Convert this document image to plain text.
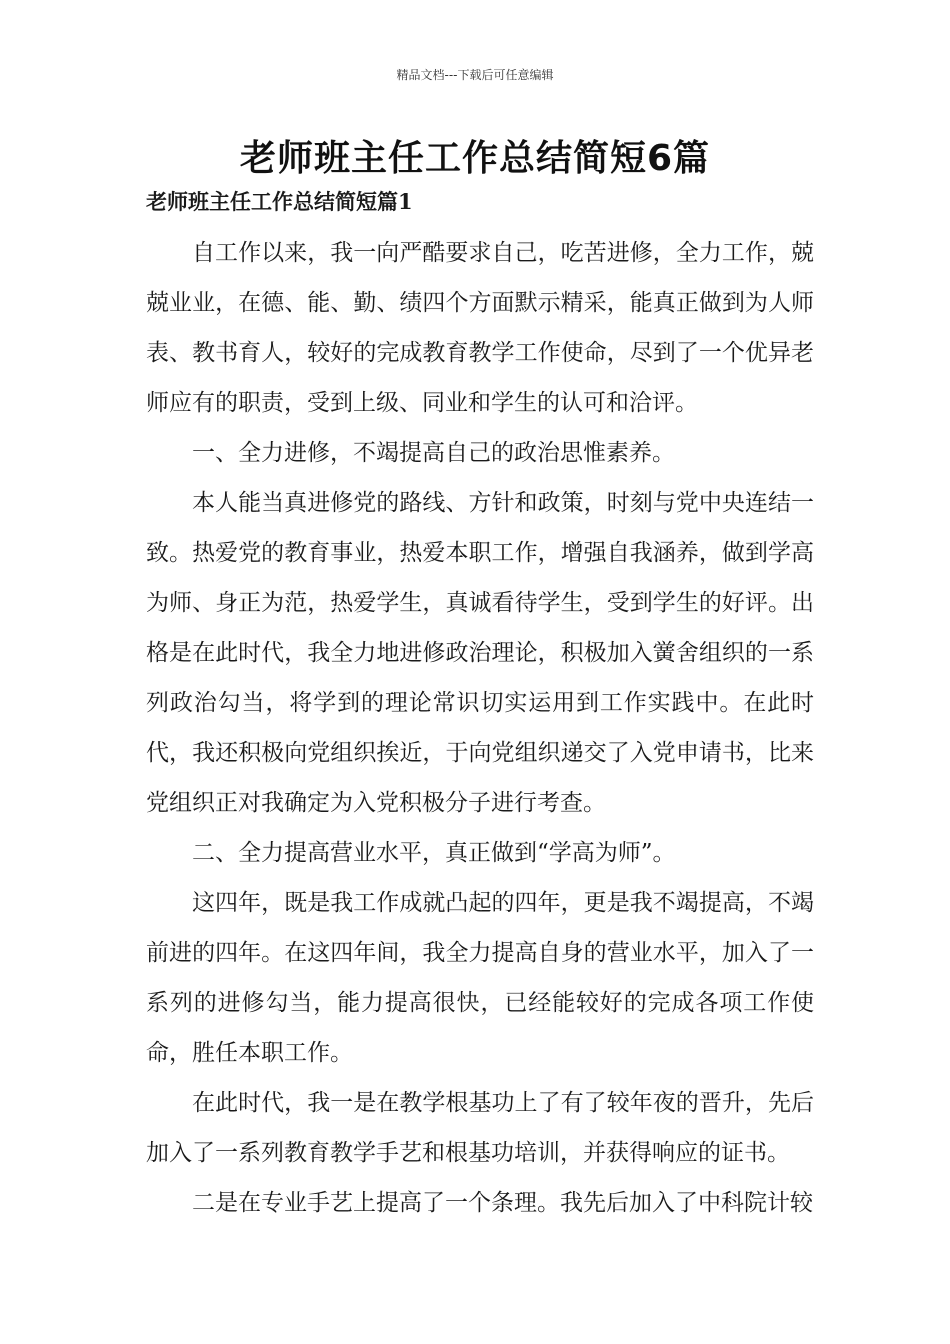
精品文档---下载后可任意编辑
老师班主任工作总结简短6篇
老师班主任工作总结简短篇1

自工作以来，我一向严酷要求自己，吃苦进修，全力工作，兢兢业业，在德、能、勤、绩四个方面默示精采，能真正做到为人师表、教书育人，较好的完成教育教学工作使命，尽到了一个优异老师应有的职责，受到上级、同业和学生的认可和洽评。

一、全力进修，不竭提高自己的政治思惟素养。

本人能当真进修党的路线、方针和政策，时刻与党中央连结一致。热爱党的教育事业，热爱本职工作，增强自我涵养，做到学高为师、身正为范，热爱学生，真诚看待学生，受到学生的好评。出格是在此时代，我全力地进修政治理论，积极加入黉舍组织的一系列政治勾当，将学到的理论常识切实运用到工作实践中。在此时代，我还积极向党组织挨近，于向党组织递交了入党申请书，比来党组织正对我确定为入党积极分子进行考查。

二、全力提高营业水平，真正做到“学高为师”。

这四年，既是我工作成就凸起的四年，更是我不竭提高，不竭前进的四年。在这四年间，我全力提高自身的营业水平，加入了一系列的进修勾当，能力提高很快，已经能较好的完成各项工作使命，胜任本职工作。

在此时代，我一是在教学根基功上了有了较年夜的晋升，先后加入了一系列教育教学手艺和根基功培训，并获得响应的证书。

二是在专业手艺上提高了一个条理。我先后加入了中科院计较
